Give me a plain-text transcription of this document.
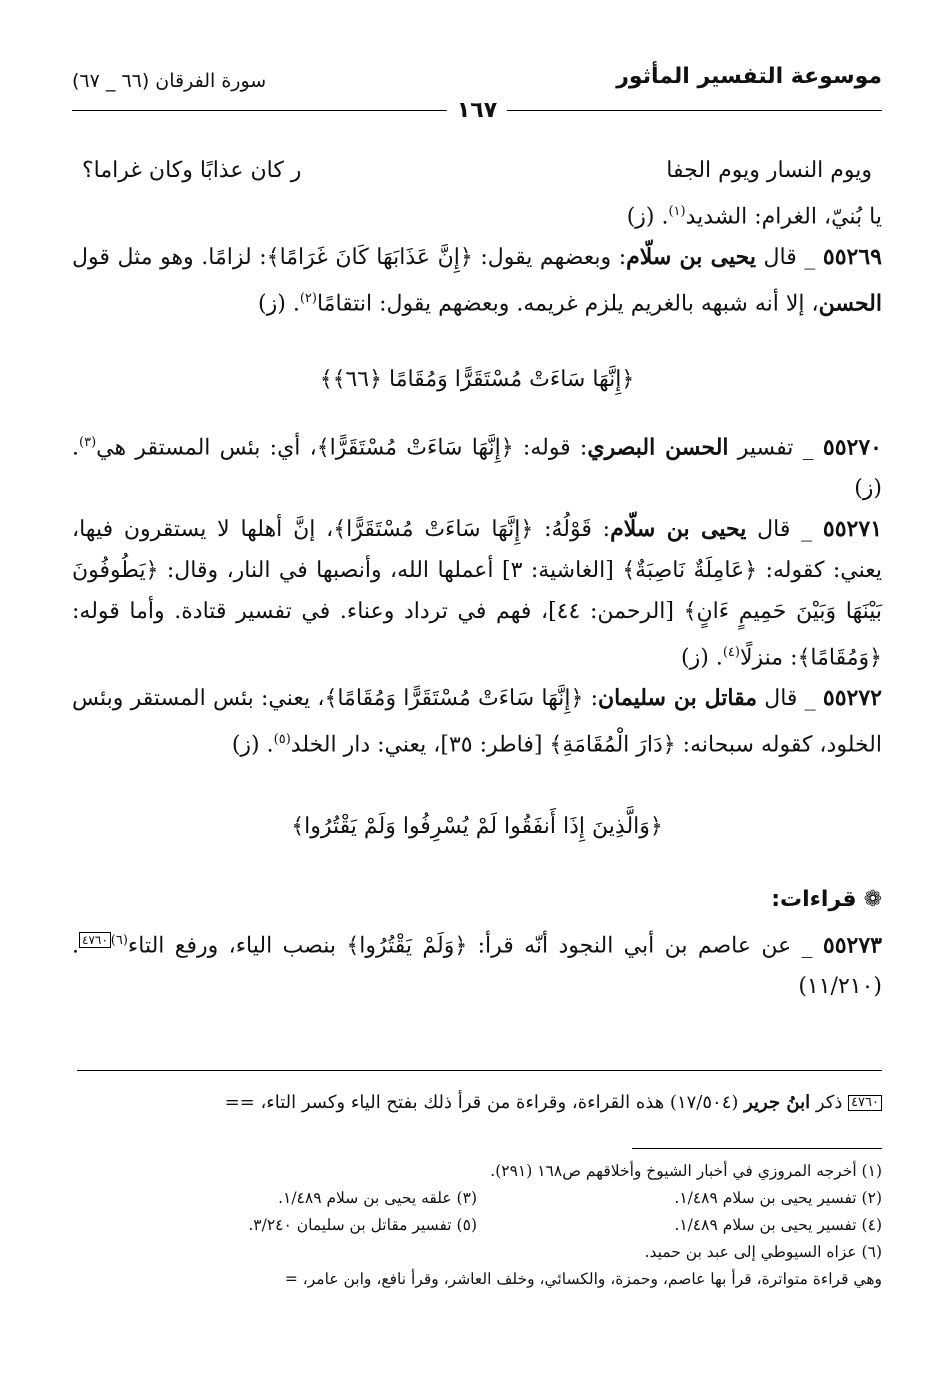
موسوعة التفسير المأثور
سورة الفرقان (٦٦ _ ٦٧)
١٦٧

ويوم النسار ويوم الجفا
ر كان عذابًا وكان غراما؟

يا بُنيّ، الغرام: الشديد$^{(١)}$. (ز)

٥٥٢٦٩ _ قال يحيى بن سلّام: وبعضهم يقول: ﴿إِنَّ عَذَابَهَا كَانَ غَرَامًا﴾: لزامًا. وهو مثل قول الحسن، إلا أنه شبهه بالغريم يلزم غريمه. وبعضهم يقول: انتقامًا$^{(٢)}$. (ز)

﴿إِنَّهَا سَاءَتْ مُسْتَقَرًّا وَمُقَامًا ﴿٦٦﴾﴾

٥٥٢٧٠ _ تفسير الحسن البصري: قوله: ﴿إِنَّهَا سَاءَتْ مُسْتَقَرًّا﴾، أي: بئس المستقر هي$^{(٣)}$. (ز)

٥٥٢٧١ _ قال يحيى بن سلّام: قَوْلُهُ: ﴿إِنَّهَا سَاءَتْ مُسْتَقَرًّا﴾، إنَّ أهلها لا يستقرون فيها، يعني: كقوله: ﴿عَامِلَةٌ نَاصِبَةٌ﴾ [الغاشية: ٣] أعملها الله، وأنصبها في النار، وقال: ﴿يَطُوفُونَ بَيْنَهَا وَبَيْنَ حَمِيمٍ ءَانٍ﴾ [الرحمن: ٤٤]، فهم في ترداد وعناء. في تفسير قتادة. وأما قوله: ﴿وَمُقَامًا﴾: منزلًا$^{(٤)}$. (ز)

٥٥٢٧٢ _ قال مقاتل بن سليمان: ﴿إِنَّهَا سَاءَتْ مُسْتَقَرًّا وَمُقَامًا﴾، يعني: بئس المستقر وبئس الخلود، كقوله سبحانه: ﴿دَارَ الْمُقَامَةِ﴾ [فاطر: ٣٥]، يعني: دار الخلد$^{(٥)}$. (ز)

﴿وَالَّذِينَ إِذَا أَنفَقُوا لَمْ يُسْرِفُوا وَلَمْ يَقْتُرُوا﴾

❁ قراءات:

٥٥٢٧٣ _ عن عاصم بن أبي النجود أنّه قرأ: ﴿وَلَمْ يَقْتُرُوا﴾ بنصب الياء، ورفع التاء$^{(٦)}$٤٧٦٠. (١١/٢١٠)

٤٧٦٠ ذكر ابنُ جرير (١٧/٥٠٤) هذه القراءة، وقراءة من قرأ ذلك بفتح الياء وكسر التاء، ==
(١) أخرجه المروزي في أخبار الشيوخ وأخلاقهم ص١٦٨ (٢٩١).
(٢) تفسير يحيى بن سلام ١/٤٨٩.
(٣) علقه يحيى بن سلام ١/٤٨٩.
(٤) تفسير يحيى بن سلام ١/٤٨٩.
(٥) تفسير مقاتل بن سليمان ٣/٢٤٠.
(٦) عزاه السيوطي إلى عبد بن حميد.
وهي قراءة متواترة، قرأ بها عاصم، وحمزة، والكسائي، وخلف العاشر، وقرأ نافع، وابن عامر، =
